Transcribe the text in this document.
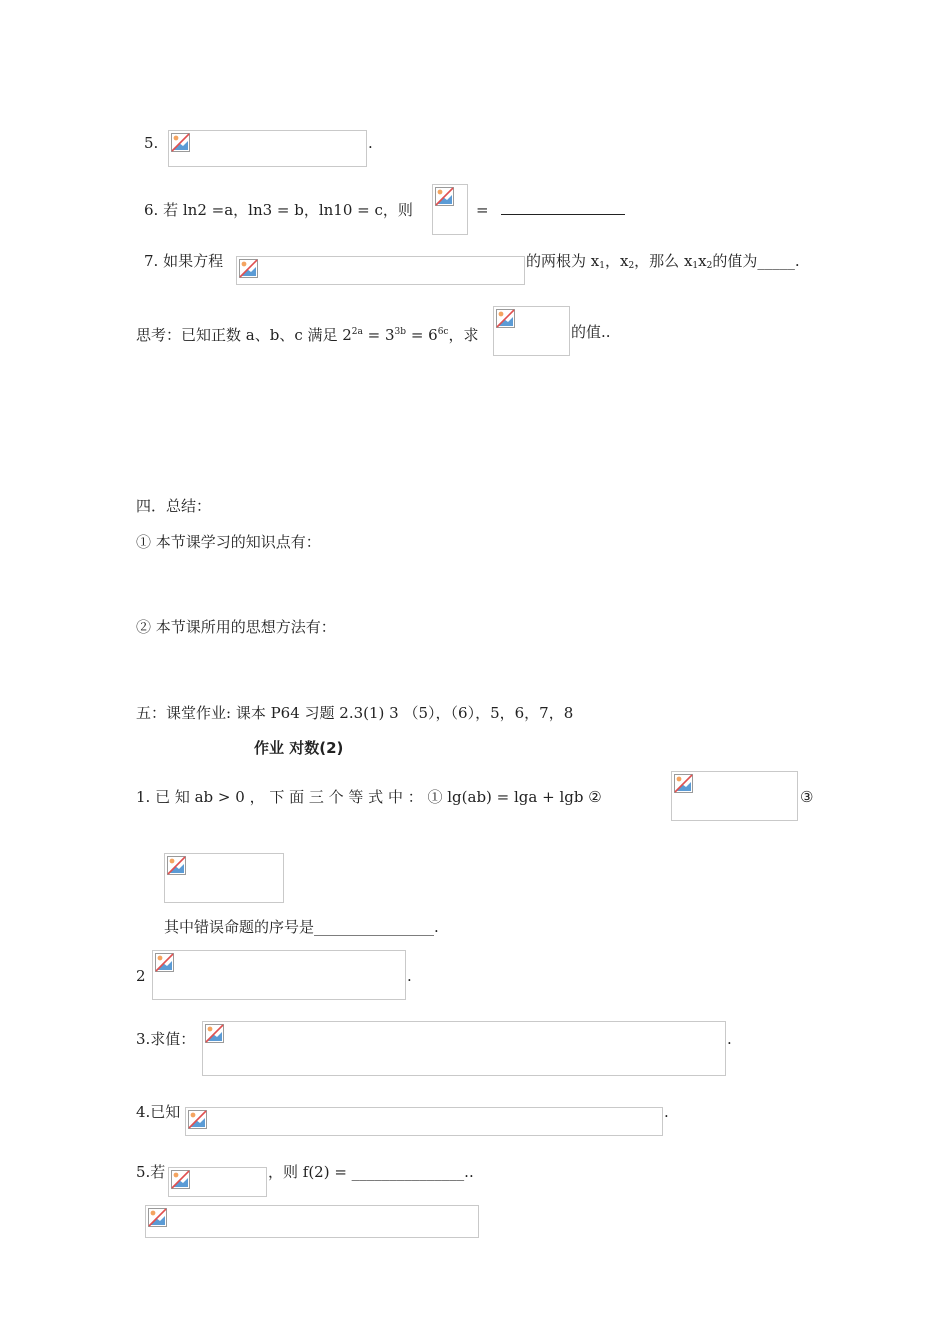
5.	.
6. 若 ln2 =a，ln3 = b，ln10 = c，则	=
7. 如果方程	的两根为 $x_1$，$x_2$，那么 $x_1x_2$的值为_____.
思考：已知正数 a、b、c 满足 $2^{2a} = 3^{3b} = 6^{6c}$，求	的值..
四．总结：
① 本节课学习的知识点有：
② 本节课所用的思想方法有：
五：课堂作业: 课本 P64 习题 2.3(1) 3 （5），（6），5，6，7，8
作业 对数(2)
1. 已 知 ab > 0 ， 下 面 三 个 等 式 中 ： ① lg(ab) = lga + lgb ②	③
其中错误命题的序号是________________.
2	.
3.求值：	.
4.已知	.
5.若	，则 f(2) = _______________..
